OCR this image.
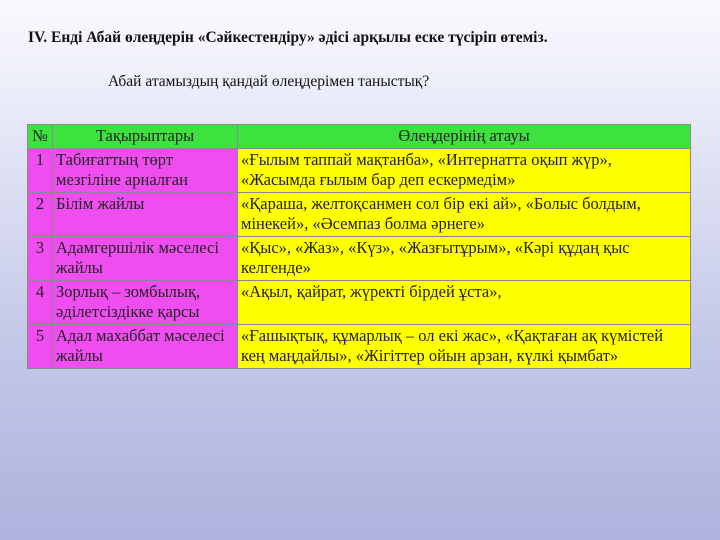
IV. Енді Абай өлеңдерін «Сәйкестендіру» әдісі арқылы еске түсіріп өтеміз.
Абай атамыздың қандай өлеңдерімен таныстық?
№	Тақырыптары	Өлеңдерінің атауы
1	Табиғаттың төрт мезгіліне арналған	«Ғылым таппай мақтанба», «Интернатта оқып жүр», «Жасымда ғылым бар деп ескермедім»
2	Білім жайлы	«Қараша, желтоқсанмен сол бір екі ай», «Болыс болдым, мінекей», «Әсемпаз болма әрнеге»
3	Адамгершілік мәселесі жайлы	«Қыс», «Жаз», «Күз», «Жазғытұрым», «Кәрі құдаң қыс келгенде»
4	Зорлық – зомбылық, әділетсіздікке қарсы	«Ақыл, қайрат, жүректі бірдей ұста»,
5	Адал махаббат мәселесі жайлы	«Ғашықтық, құмарлық – ол екі жас», «Қақтаған ақ күмістей кең маңдайлы», «Жігіттер ойын арзан, күлкі қымбат»
